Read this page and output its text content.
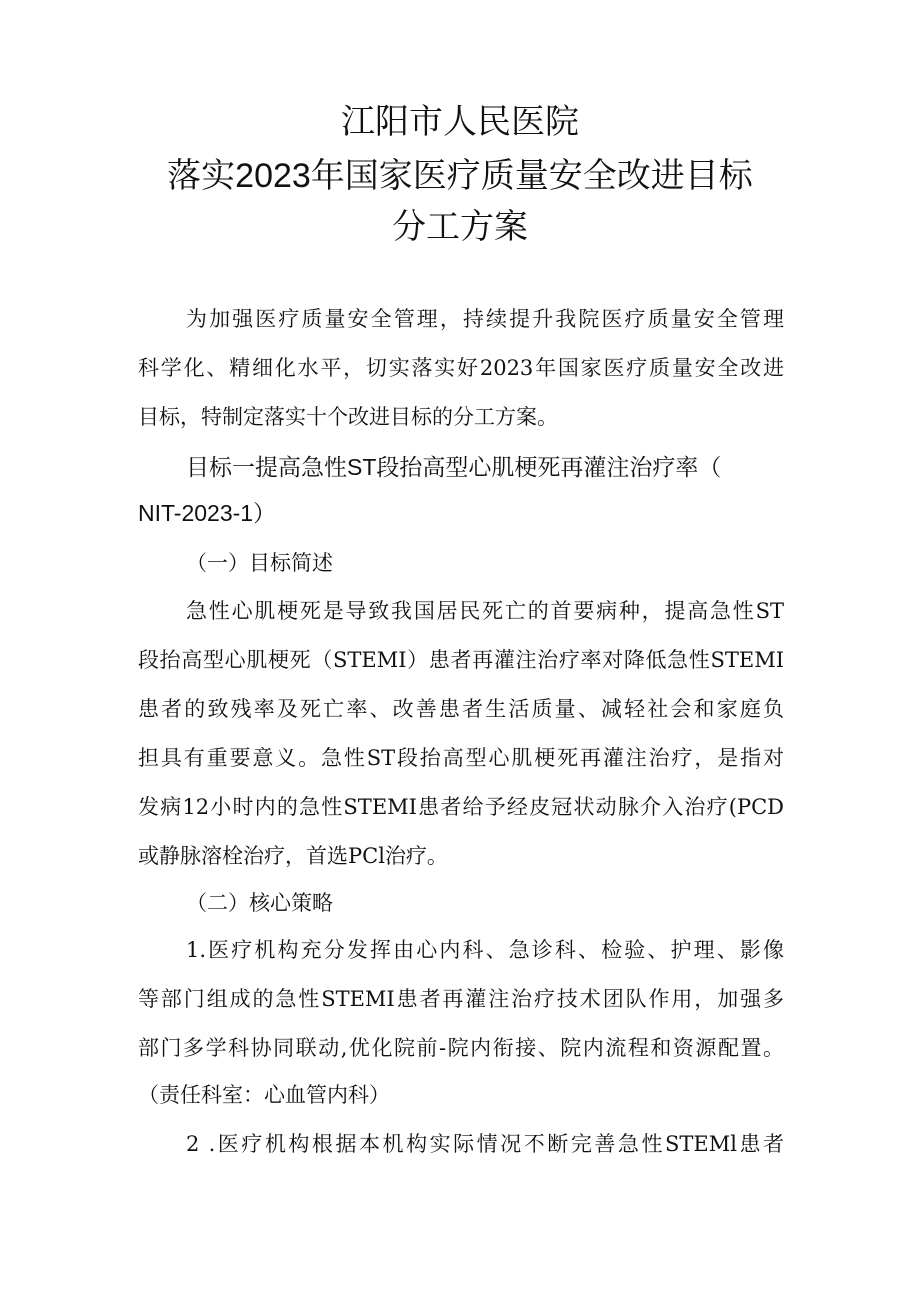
江阳市人民医院
落实2023年国家医疗质量安全改进目标
分工方案
为加强医疗质量安全管理，持续提升我院医疗质量安全管理
科学化、精细化水平，切实落实好2023年国家医疗质量安全改进
目标，特制定落实十个改进目标的分工方案。
目标一提高急性ST段抬高型心肌梗死再灌注治疗率（
NIT-2023-1）
（一）目标简述
急性心肌梗死是导致我国居民死亡的首要病种，提高急性ST
段抬高型心肌梗死（STEMI）患者再灌注治疗率对降低急性STEMI
患者的致残率及死亡率、改善患者生活质量、减轻社会和家庭负
担具有重要意义。急性ST段抬高型心肌梗死再灌注治疗，是指对
发病12小时内的急性STEMI患者给予经皮冠状动脉介入治疗(PCD
或静脉溶栓治疗，首选PCl治疗。
（二）核心策略
1.医疗机构充分发挥由心内科、急诊科、检验、护理、影像
等部门组成的急性STEMI患者再灌注治疗技术团队作用，加强多
部门多学科协同联动,优化院前-院内衔接、院内流程和资源配置。
（责任科室：心血管内科）
2 .医疗机构根据本机构实际情况不断完善急性STEMl患者
